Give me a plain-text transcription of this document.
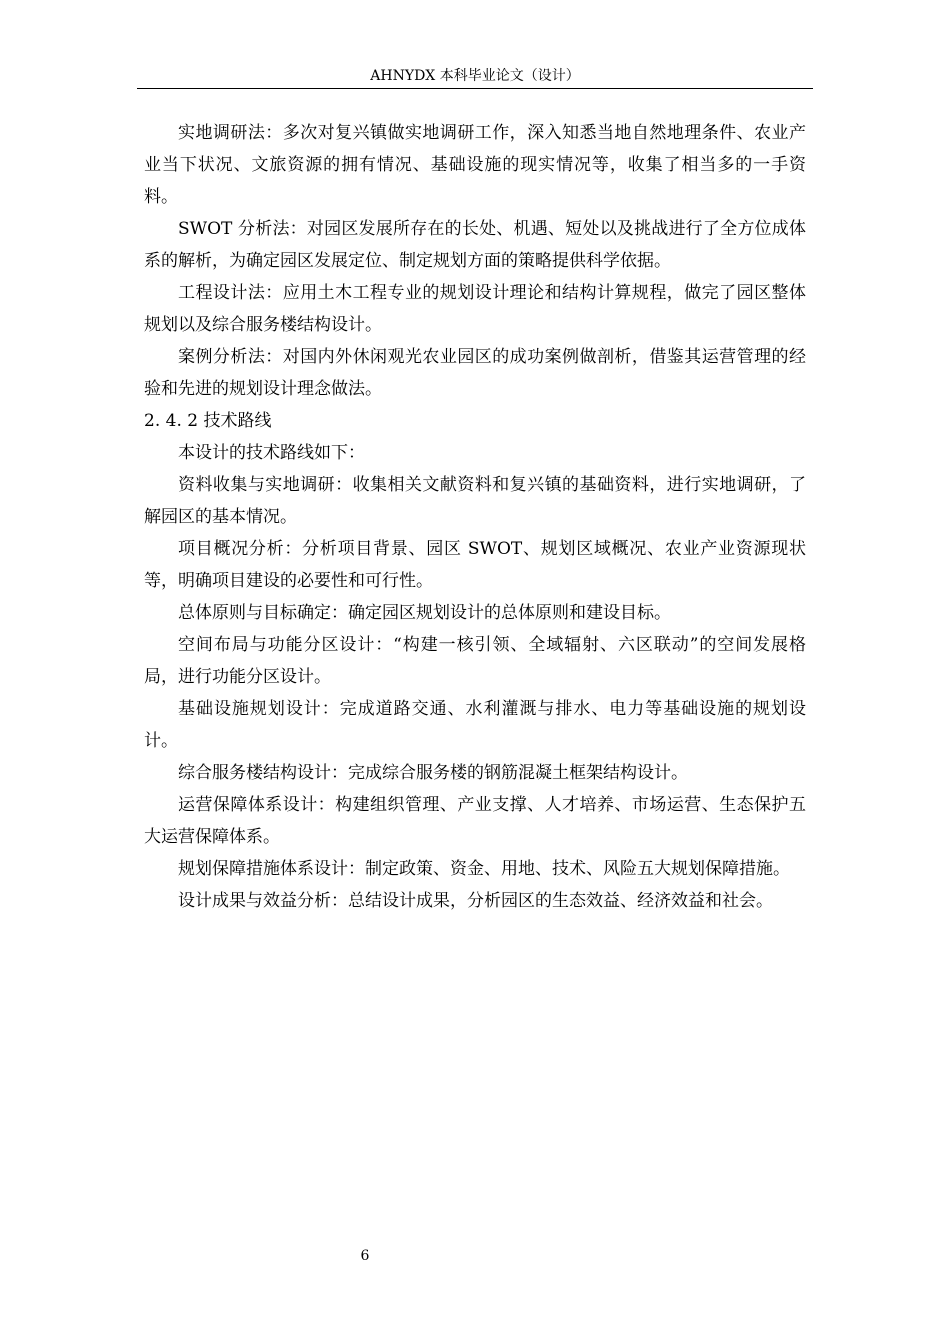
AHNYDX 本科毕业论文（设计）

实地调研法：多次对复兴镇做实地调研工作，深入知悉当地自然地理条件、农业产业当下状况、文旅资源的拥有情况、基础设施的现实情况等，收集了相当多的一手资料。

SWOT 分析法：对园区发展所存在的长处、机遇、短处以及挑战进行了全方位成体系的解析，为确定园区发展定位、制定规划方面的策略提供科学依据。

工程设计法：应用土木工程专业的规划设计理论和结构计算规程，做完了园区整体规划以及综合服务楼结构设计。

案例分析法：对国内外休闲观光农业园区的成功案例做剖析，借鉴其运营管理的经验和先进的规划设计理念做法。

2. 4. 2 技术路线

本设计的技术路线如下：

资料收集与实地调研：收集相关文献资料和复兴镇的基础资料，进行实地调研，了解园区的基本情况。

项目概况分析：分析项目背景、园区 SWOT、规划区域概况、农业产业资源现状等，明确项目建设的必要性和可行性。

总体原则与目标确定：确定园区规划设计的总体原则和建设目标。

空间布局与功能分区设计：“构建一核引领、全域辐射、六区联动”的空间发展格局，进行功能分区设计。

基础设施规划设计：完成道路交通、水利灌溉与排水、电力等基础设施的规划设计。

综合服务楼结构设计：完成综合服务楼的钢筋混凝土框架结构设计。

运营保障体系设计：构建组织管理、产业支撑、人才培养、市场运营、生态保护五大运营保障体系。

规划保障措施体系设计：制定政策、资金、用地、技术、风险五大规划保障措施。

设计成果与效益分析：总结设计成果，分析园区的生态效益、经济效益和社会。

6
